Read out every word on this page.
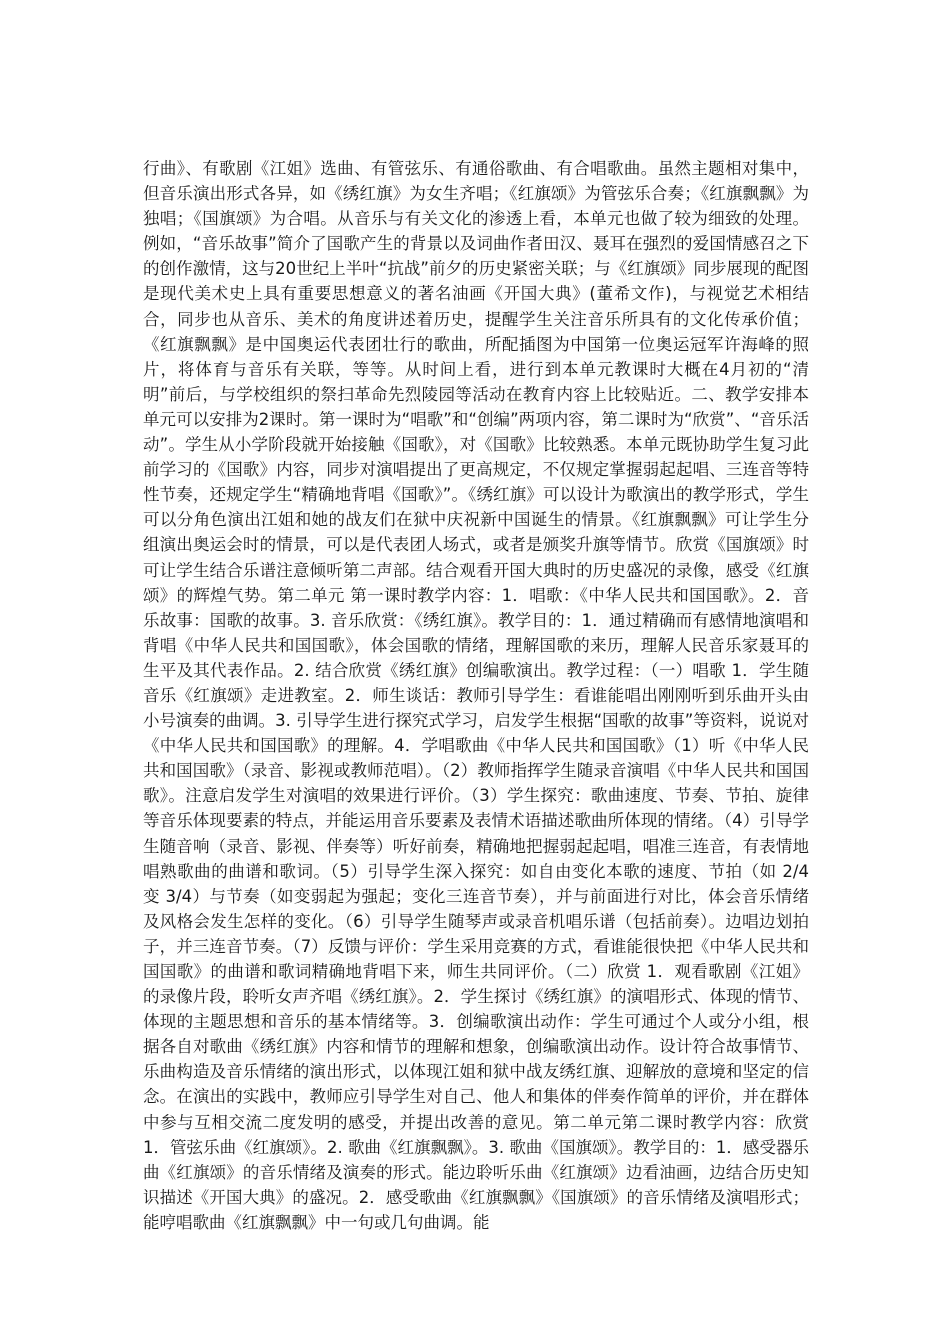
行曲》、有歌剧《江姐》选曲、有管弦乐、有通俗歌曲、有合唱歌曲。虽然主题相对集中，但音乐演出形式各异，如《绣红旗》为女生齐唱；《红旗颂》为管弦乐合奏；《红旗飘飘》为独唱；《国旗颂》为合唱。从音乐与有关文化的渗透上看，本单元也做了较为细致的处理。例如，“音乐故事”简介了国歌产生的背景以及词曲作者田汉、聂耳在强烈的爱国情感召之下的创作激情，这与20世纪上半叶“抗战”前夕的历史紧密关联；与《红旗颂》同步展现的配图是现代美术史上具有重要思想意义的著名油画《开国大典》(董希文作)，与视觉艺术相结合，同步也从音乐、美术的角度讲述着历史，提醒学生关注音乐所具有的文化传承价值；《红旗飘飘》是中国奥运代表团壮行的歌曲，所配插图为中国第一位奥运冠军许海峰的照片，将体育与音乐有关联，等等。从时间上看，进行到本单元教课时大概在4月初的“清明”前后，与学校组织的祭扫革命先烈陵园等活动在教育内容上比较贴近。二、教学安排本单元可以安排为2课时。第一课时为“唱歌”和“创编”两项内容，第二课时为“欣赏”、“音乐活动”。学生从小学阶段就开始接触《国歌》，对《国歌》比较熟悉。本单元既协助学生复习此前学习的《国歌》内容，同步对演唱提出了更高规定，不仅规定掌握弱起起唱、三连音等特性节奏，还规定学生“精确地背唱《国歌》”。《绣红旗》可以设计为歌演出的教学形式，学生可以分角色演出江姐和她的战友们在狱中庆祝新中国诞生的情景。《红旗飘飘》可让学生分组演出奥运会时的情景，可以是代表团人场式，或者是颁奖升旗等情节。欣赏《国旗颂》时可让学生结合乐谱注意倾听第二声部。结合观看开国大典时的历史盛况的录像，感受《红旗颂》的辉煌气势。第二单元 第一课时教学内容：1．唱歌：《中华人民共和国国歌》。2．音乐故事：国歌的故事。3. 音乐欣赏：《绣红旗》。教学目的：1．通过精确而有感情地演唱和背唱《中华人民共和国国歌》，体会国歌的情绪，理解国歌的来历，理解人民音乐家聂耳的生平及其代表作品。2. 结合欣赏《绣红旗》创编歌演出。教学过程：（一）唱歌 1．学生随音乐《红旗颂》走进教室。2．师生谈话：教师引导学生：看谁能唱出刚刚听到乐曲开头由小号演奏的曲调。3. 引导学生进行探究式学习，启发学生根据“国歌的故事”等资料，说说对《中华人民共和国国歌》的理解。4．学唱歌曲《中华人民共和国国歌》（1）听《中华人民共和国国歌》（录音、影视或教师范唱）。（2）教师指挥学生随录音演唱《中华人民共和国国歌》。注意启发学生对演唱的效果进行评价。（3）学生探究：歌曲速度、节奏、节拍、旋律等音乐体现要素的特点，并能运用音乐要素及表情术语描述歌曲所体现的情绪。（4）引导学生随音响（录音、影视、伴奏等）听好前奏，精确地把握弱起起唱，唱准三连音，有表情地唱熟歌曲的曲谱和歌词。（5）引导学生深入探究：如自由变化本歌的速度、节拍（如 2/4 变 3/4）与节奏（如变弱起为强起；变化三连音节奏），并与前面进行对比，体会音乐情绪及风格会发生怎样的变化。（6）引导学生随琴声或录音机唱乐谱（包括前奏）。边唱边划拍子，并三连音节奏。（7）反馈与评价：学生采用竞赛的方式，看谁能很快把《中华人民共和国国歌》的曲谱和歌词精确地背唱下来，师生共同评价。（二）欣赏 1．观看歌剧《江姐》的录像片段，聆听女声齐唱《绣红旗》。2．学生探讨《绣红旗》的演唱形式、体现的情节、体现的主题思想和音乐的基本情绪等。3．创编歌演出动作：学生可通过个人或分小组，根据各自对歌曲《绣红旗》内容和情节的理解和想象，创编歌演出动作。设计符合故事情节、乐曲构造及音乐情绪的演出形式，以体现江姐和狱中战友绣红旗、迎解放的意境和坚定的信念。在演出的实践中，教师应引导学生对自己、他人和集体的伴奏作简单的评价，并在群体中参与互相交流二度发明的感受，并提出改善的意见。第二单元第二课时教学内容：欣赏 1．管弦乐曲《红旗颂》。2. 歌曲《红旗飘飘》。3. 歌曲《国旗颂》。教学目的：1．感受器乐曲《红旗颂》的音乐情绪及演奏的形式。能边聆听乐曲《红旗颂》边看油画，边结合历史知识描述《开国大典》的盛况。2．感受歌曲《红旗飘飘》《国旗颂》的音乐情绪及演唱形式；能哼唱歌曲《红旗飘飘》中一句或几句曲调。能
